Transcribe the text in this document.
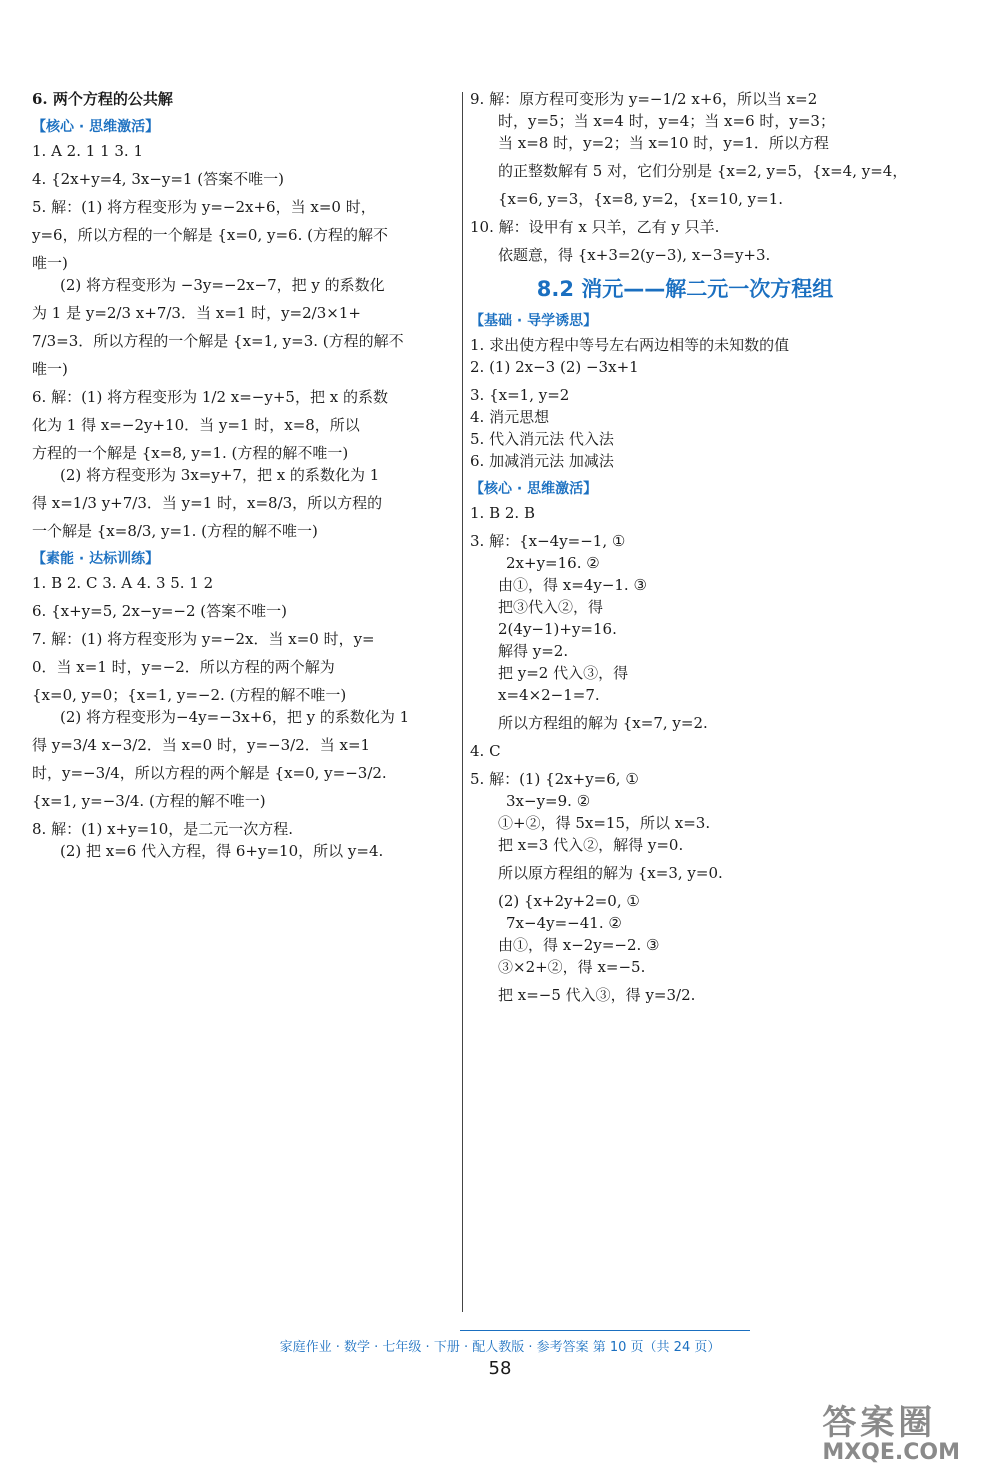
6. 两个方程的公共解
【核心 · 思维激活】
1. A 2. 1 1 3. 1
4. {2x+y=4, 3x−y=1 (答案不唯一)
5. 解：(1) 将方程变形为 y=−2x+6，当 x=0 时，
y=6，所以方程的一个解是 {x=0, y=6. (方程的解不
唯一)
(2) 将方程变形为 −3y=−2x−7，把 y 的系数化
为 1 是 y=2/3 x+7/3．当 x=1 时，y=2/3×1+
7/3=3．所以方程的一个解是 {x=1, y=3. (方程的解不
唯一)
6. 解：(1) 将方程变形为 1/2 x=−y+5，把 x 的系数
化为 1 得 x=−2y+10．当 y=1 时，x=8，所以
方程的一个解是 {x=8, y=1. (方程的解不唯一)
(2) 将方程变形为 3x=y+7，把 x 的系数化为 1
得 x=1/3 y+7/3．当 y=1 时，x=8/3，所以方程的
一个解是 {x=8/3, y=1. (方程的解不唯一)
【素能 · 达标训练】
1. B 2. C 3. A 4. 3 5. 1 2
6. {x+y=5, 2x−y=−2 (答案不唯一)
7. 解：(1) 将方程变形为 y=−2x．当 x=0 时，y=
0．当 x=1 时，y=−2．所以方程的两个解为
{x=0, y=0；{x=1, y=−2. (方程的解不唯一)
(2) 将方程变形为−4y=−3x+6，把 y 的系数化为 1
得 y=3/4 x−3/2．当 x=0 时，y=−3/2．当 x=1
时，y=−3/4，所以方程的两个解是 {x=0, y=−3/2.
{x=1, y=−3/4. (方程的解不唯一)
8. 解：(1) x+y=10，是二元一次方程.
(2) 把 x=6 代入方程，得 6+y=10，所以 y=4.
9. 解：原方程可变形为 y=−1/2 x+6，所以当 x=2
时，y=5；当 x=4 时，y=4；当 x=6 时，y=3；
当 x=8 时，y=2；当 x=10 时，y=1．所以方程
的正整数解有 5 对，它们分别是 {x=2, y=5，{x=4, y=4，
{x=6, y=3，{x=8, y=2，{x=10, y=1.
10. 解：设甲有 x 只羊，乙有 y 只羊.
依题意，得 {x+3=2(y−3), x−3=y+3.
8.2 消元——解二元一次方程组
【基础 · 导学诱思】
1. 求出使方程中等号左右两边相等的未知数的值
2. (1) 2x−3 (2) −3x+1
3. {x=1, y=2
4. 消元思想
5. 代入消元法 代入法
6. 加减消元法 加减法
【核心 · 思维激活】
1. B 2. B
3. 解：{x−4y=−1, ①
2x+y=16. ②
由①，得 x=4y−1. ③
把③代入②，得
2(4y−1)+y=16.
解得 y=2.
把 y=2 代入③，得
x=4×2−1=7.
所以方程组的解为 {x=7, y=2.
4. C
5. 解：(1) {2x+y=6, ①
3x−y=9. ②
①+②，得 5x=15，所以 x=3.
把 x=3 代入②，解得 y=0.
所以原方程组的解为 {x=3, y=0.
(2) {x+2y+2=0, ①
7x−4y=−41. ②
由①，得 x−2y=−2. ③
③×2+②，得 x=−5.
把 x=−5 代入③，得 y=3/2.
家庭作业 · 数学 · 七年级 · 下册 · 配人教版 · 参考答案 第 10 页（共 24 页）
58
答案圈
MXQE.COM
